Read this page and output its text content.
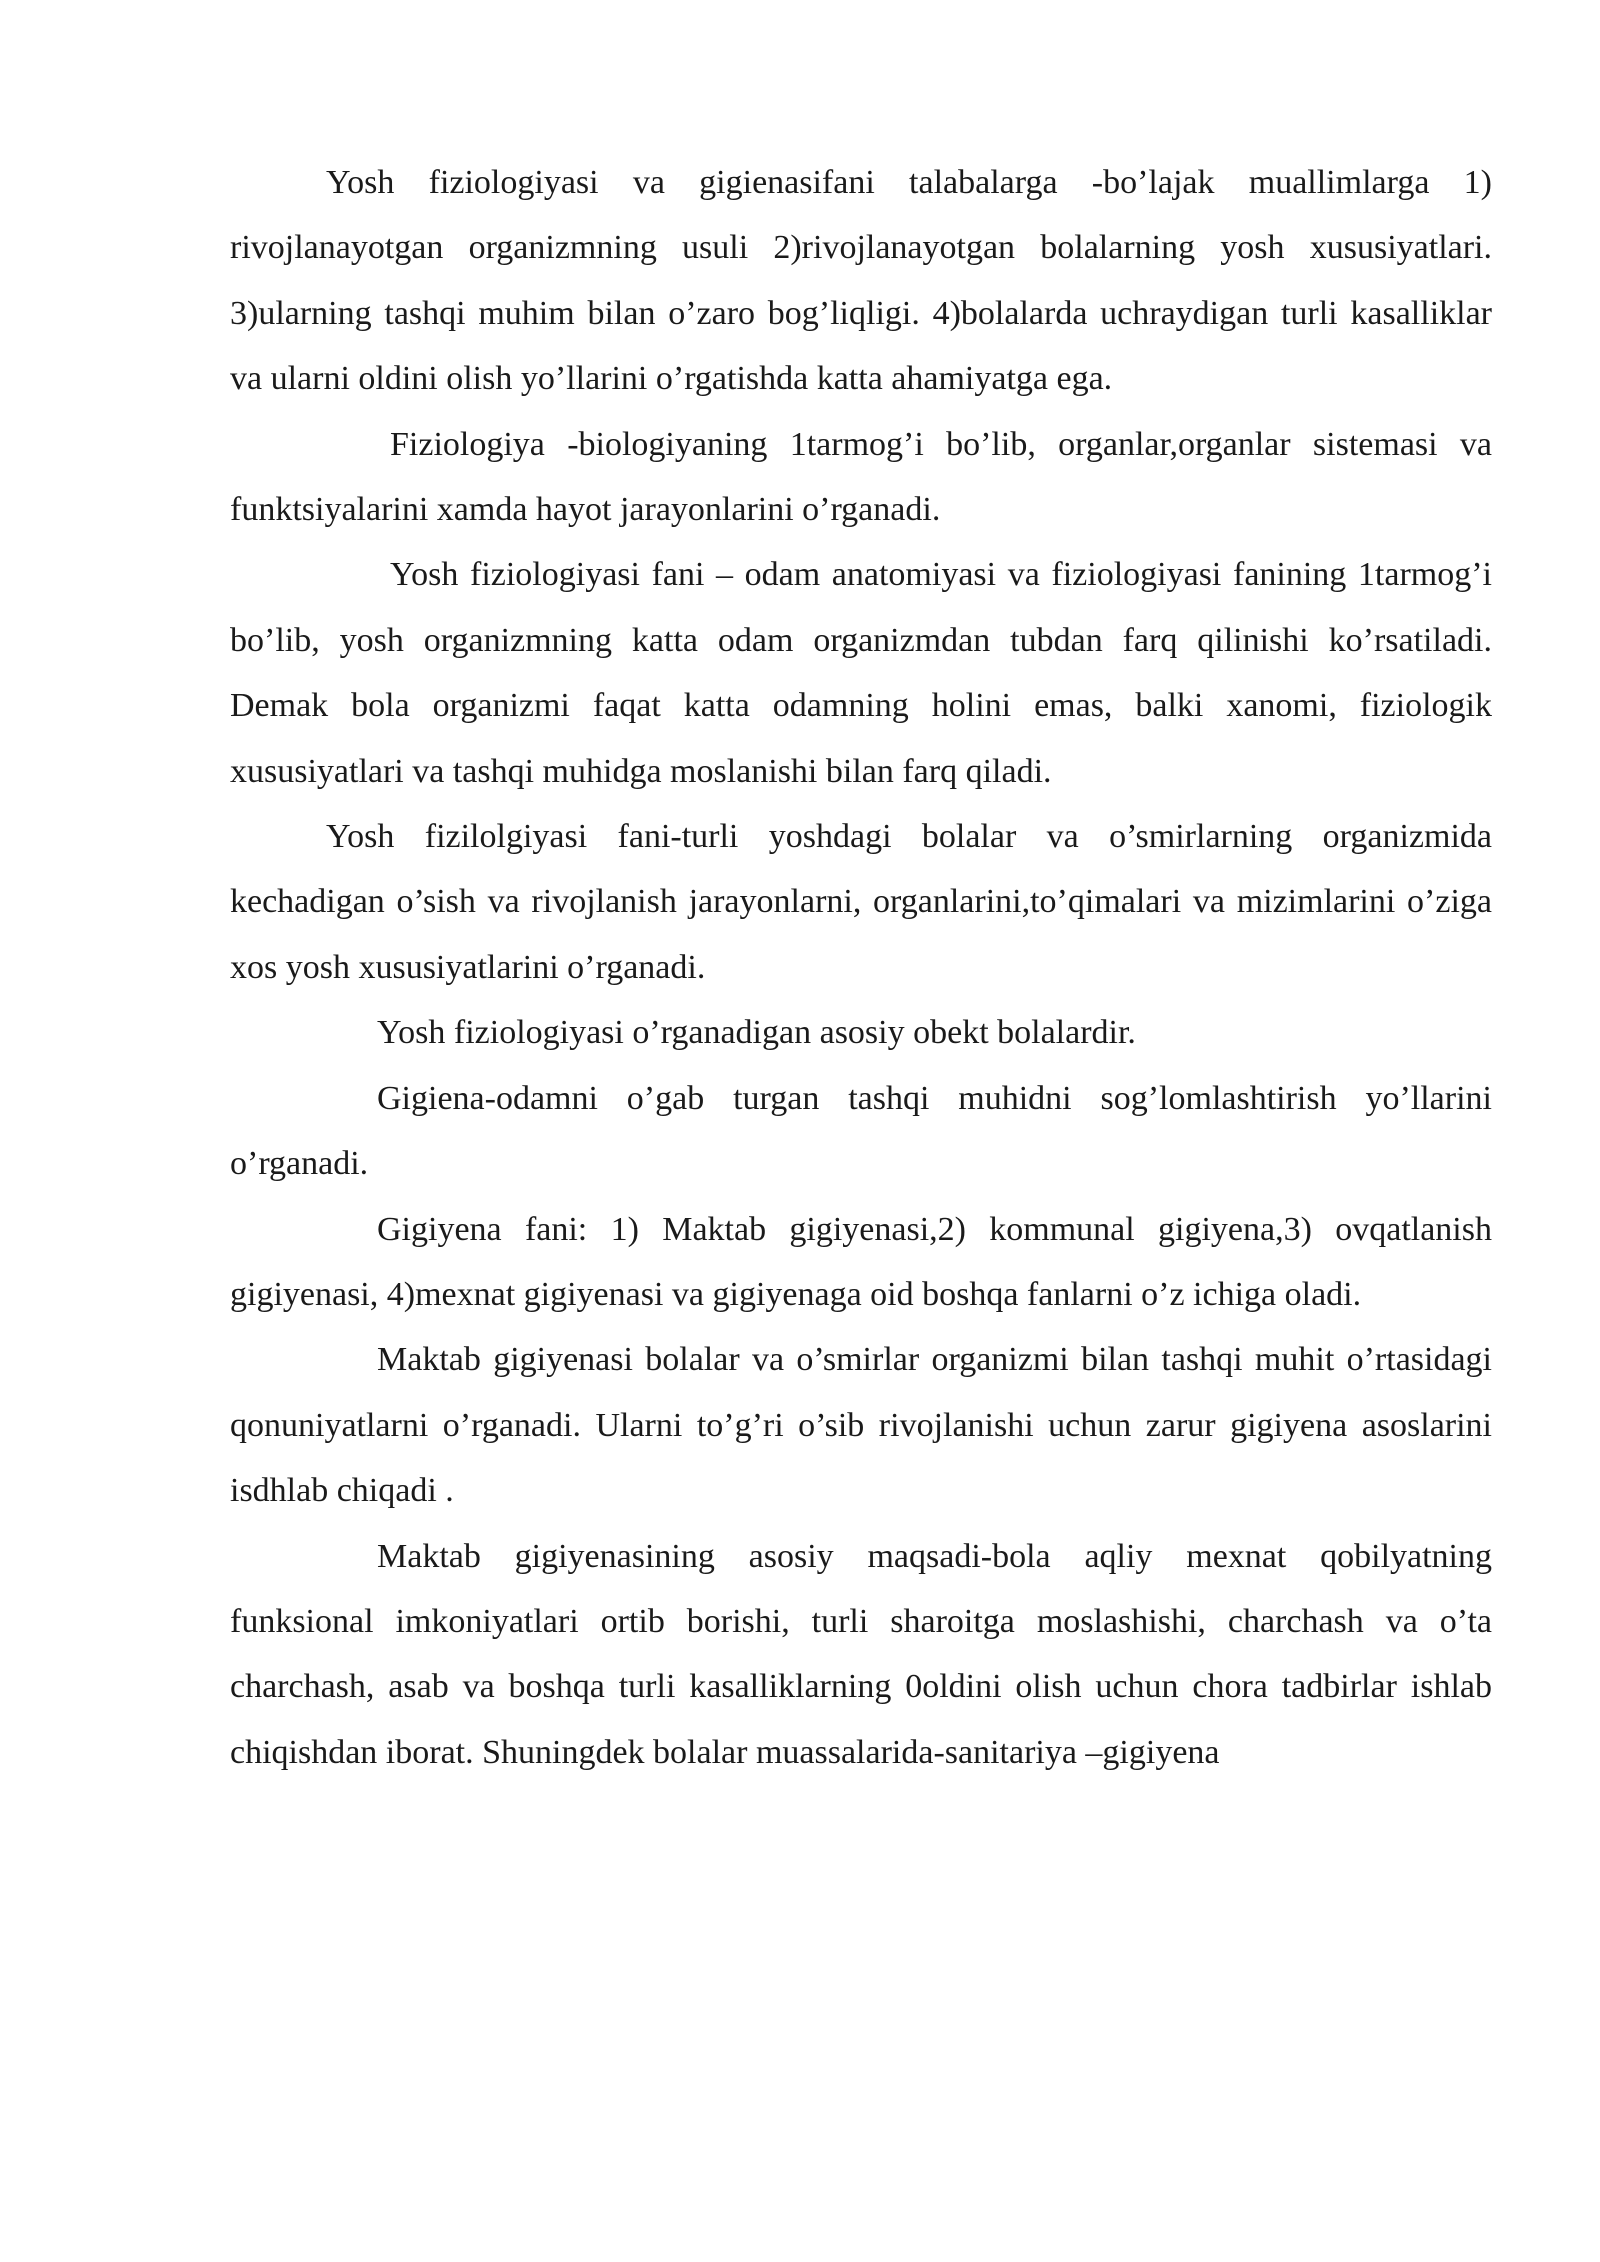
Yosh fiziologiyasi va gigienasifani talabalarga -bo’lajak muallimlarga 1) rivojlanayotgan organizmning usuli 2)rivojlanayotgan bolalarning yosh xususiyatlari. 3)ularning tashqi muhim bilan o’zaro bog’liqligi. 4)bolalarda uchraydigan turli kasalliklar va ularni oldini olish yo’llarini o’rgatishda katta ahamiyatga ega.

Fiziologiya -biologiyaning 1tarmog’i bo’lib, organlar,organlar sistemasi va funktsiyalarini xamda hayot jarayonlarini o’rganadi.

Yosh fiziologiyasi fani – odam anatomiyasi va fiziologiyasi fanining 1tarmog’i bo’lib, yosh organizmning katta odam organizmdan tubdan farq qilinishi ko’rsatiladi. Demak bola organizmi faqat katta odamning holini emas, balki xanomi, fiziologik xususiyatlari va tashqi muhidga moslanishi bilan farq qiladi.

Yosh fizilolgiyasi fani-turli yoshdagi bolalar va o’smirlarning organizmida kechadigan o’sish va rivojlanish jarayonlarni, organlarini,to’qimalari va mizimlarini o’ziga xos yosh xususiyatlarini o’rganadi.

Yosh fiziologiyasi o’rganadigan asosiy obekt bolalardir.

Gigiena-odamni o’gab turgan tashqi muhidni sog’lomlashtirish yo’llarini o’rganadi.

Gigiyena fani: 1) Maktab gigiyenasi,2) kommunal gigiyena,3) ovqatlanish gigiyenasi, 4)mexnat gigiyenasi va gigiyenaga oid boshqa fanlarni o’z ichiga oladi.

Maktab gigiyenasi bolalar va o’smirlar organizmi bilan tashqi muhit o’rtasidagi qonuniyatlarni o’rganadi. Ularni to’g’ri o’sib rivojlanishi uchun zarur gigiyena asoslarini isdhlab chiqadi .

Maktab gigiyenasining asosiy maqsadi-bola aqliy mexnat qobilyatning funksional imkoniyatlari ortib borishi, turli sharoitga moslashishi, charchash va o’ta charchash, asab va boshqa turli kasalliklarning 0oldini olish uchun chora tadbirlar ishlab chiqishdan iborat. Shuningdek bolalar muassalarida-sanitariya –gigiyena
